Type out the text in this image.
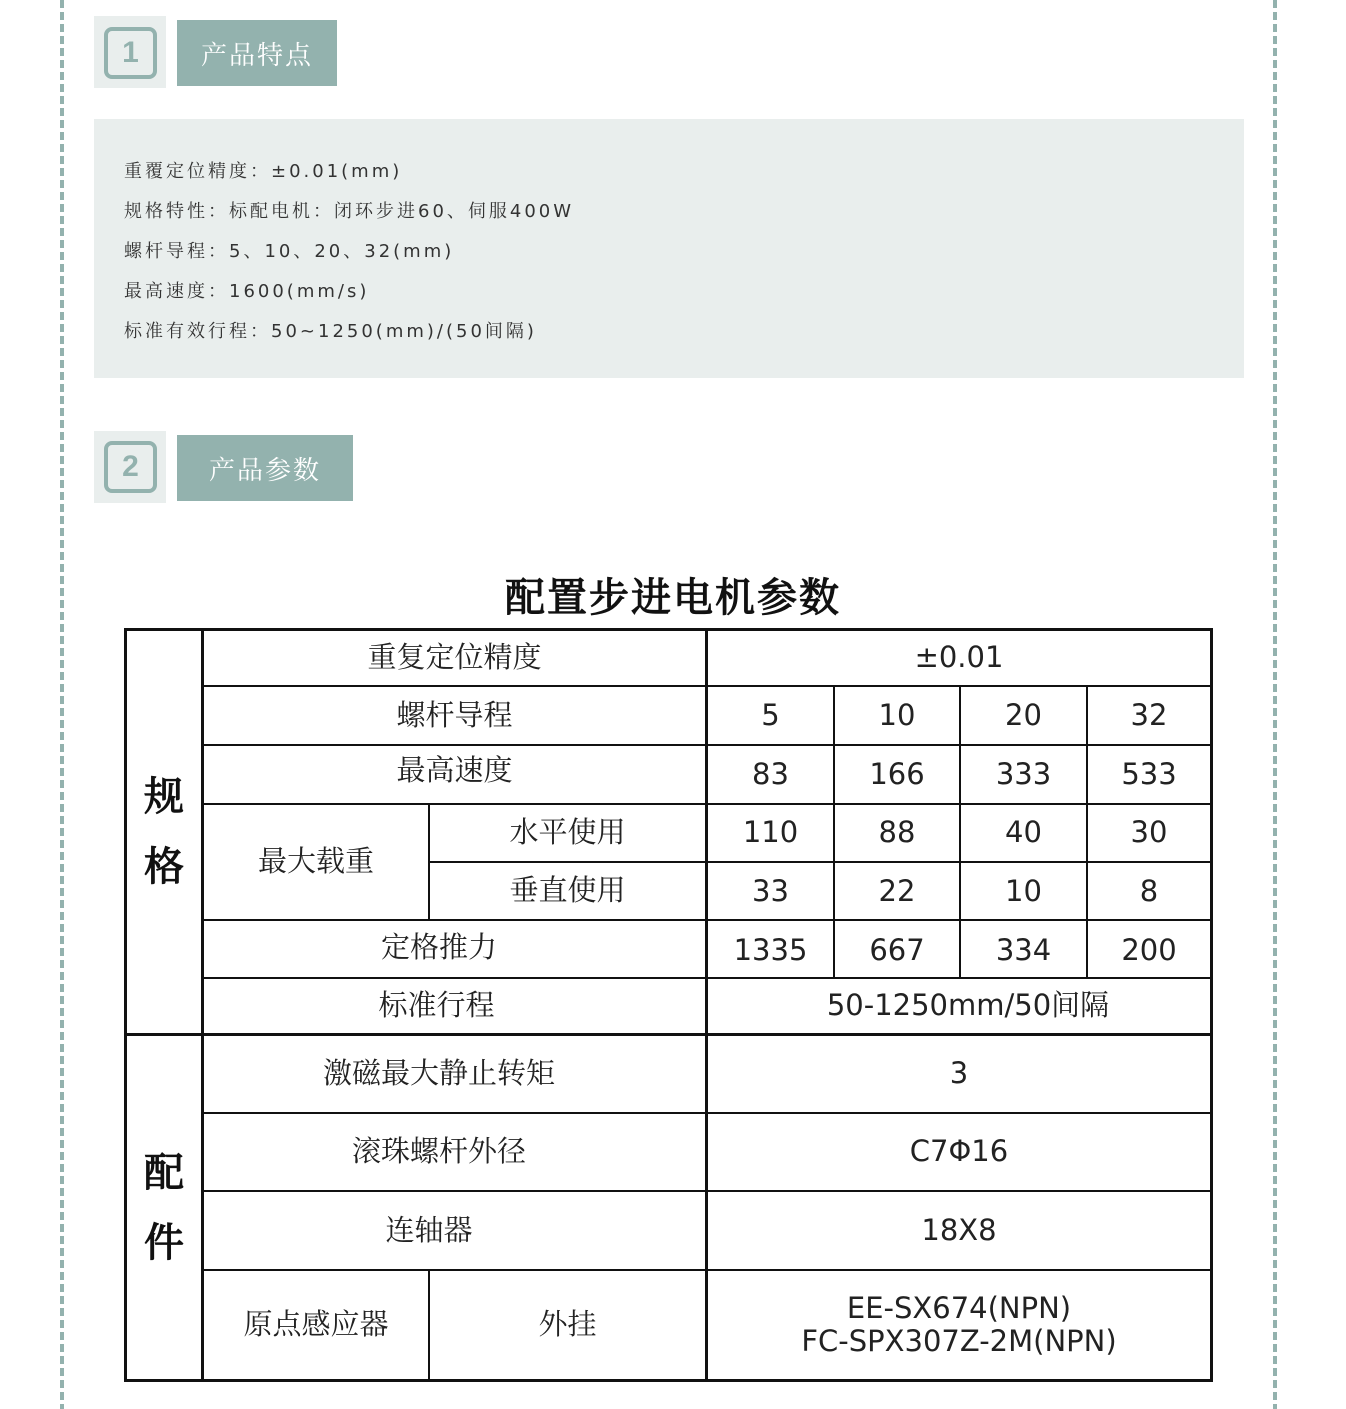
1	产品特点
重覆定位精度：±0.01(mm)
规格特性：标配电机：闭环步进60、伺服400W
螺杆导程：5、10、20、32(mm)
最高速度：1600(mm/s)
标准有效行程：50~1250(mm)/(50间隔)
2	产品参数
配置步进电机参数
规
格
配
件
重复定位精度	±0.01
螺杆导程	5	10	20	32
最高速度	83	166	333	533
最大载重
水平使用	110	88	40	30
垂直使用	33	22	10	8
定格推力	1335	667	334	200
标准行程	50-1250mm/50间隔
激磁最大静止转矩	3
滚珠螺杆外径	C7Φ16
连轴器	18X8
原点感应器	外挂	EE-SX674(NPN)
FC-SPX307Z-2M(NPN)
